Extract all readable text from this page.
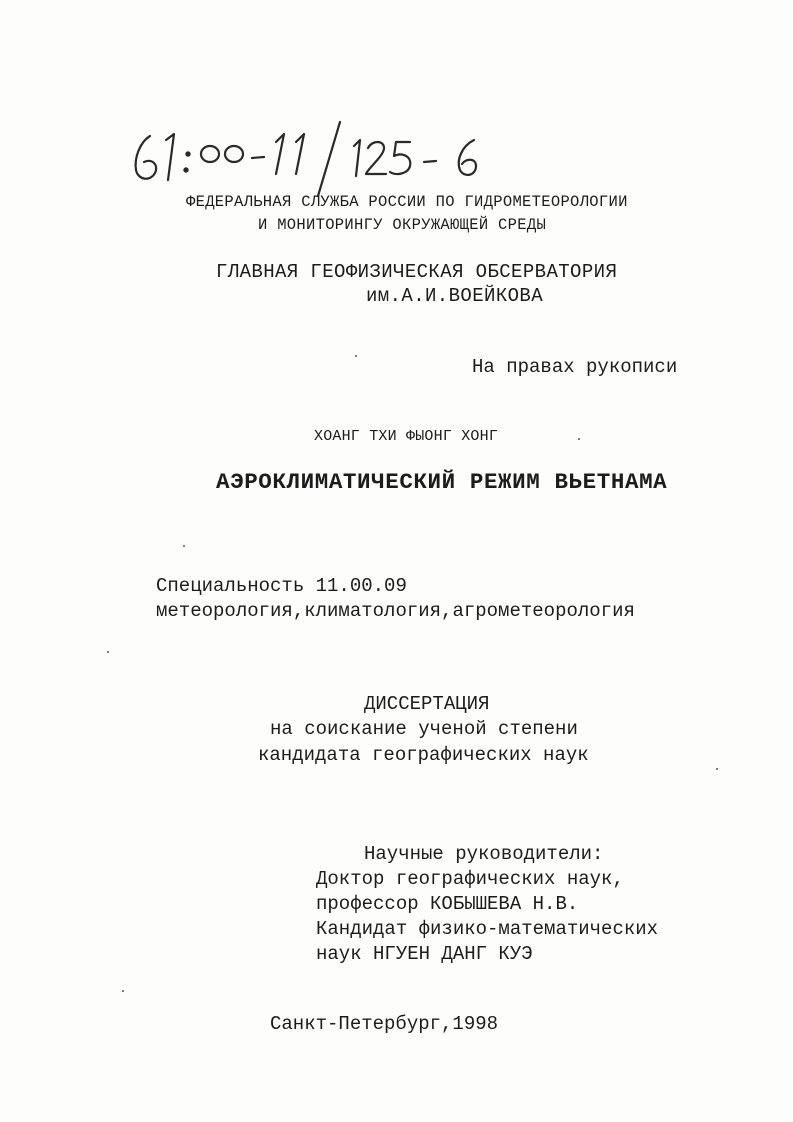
ФЕДЕРАЛЬНАЯ СЛУЖБА РОССИИ ПО ГИДРОМЕТЕОРОЛОГИИ
И МОНИТОРИНГУ ОКРУЖАЮЩЕЙ СРЕДЫ
ГЛАВНАЯ ГЕОФИЗИЧЕСКАЯ ОБСЕРВАТОРИЯ
им.А.И.ВОЕЙКОВА
На правах рукописи
ХОАНГ ТХИ ФЫОНГ ХОНГ
АЭРОКЛИМАТИЧЕСКИЙ РЕЖИМ ВЬЕТНАМА
Специальность 11.00.09
метеорология,климатология,агрометеорология
ДИССЕРТАЦИЯ
на соискание ученой степени
кандидата географических наук
Научные руководители:
Доктор географических наук,
профессор КОБЫШЕВА Н.В.
Кандидат физико-математических
наук НГУЕН ДАНГ КУЭ
Санкт-Петербург,1998
